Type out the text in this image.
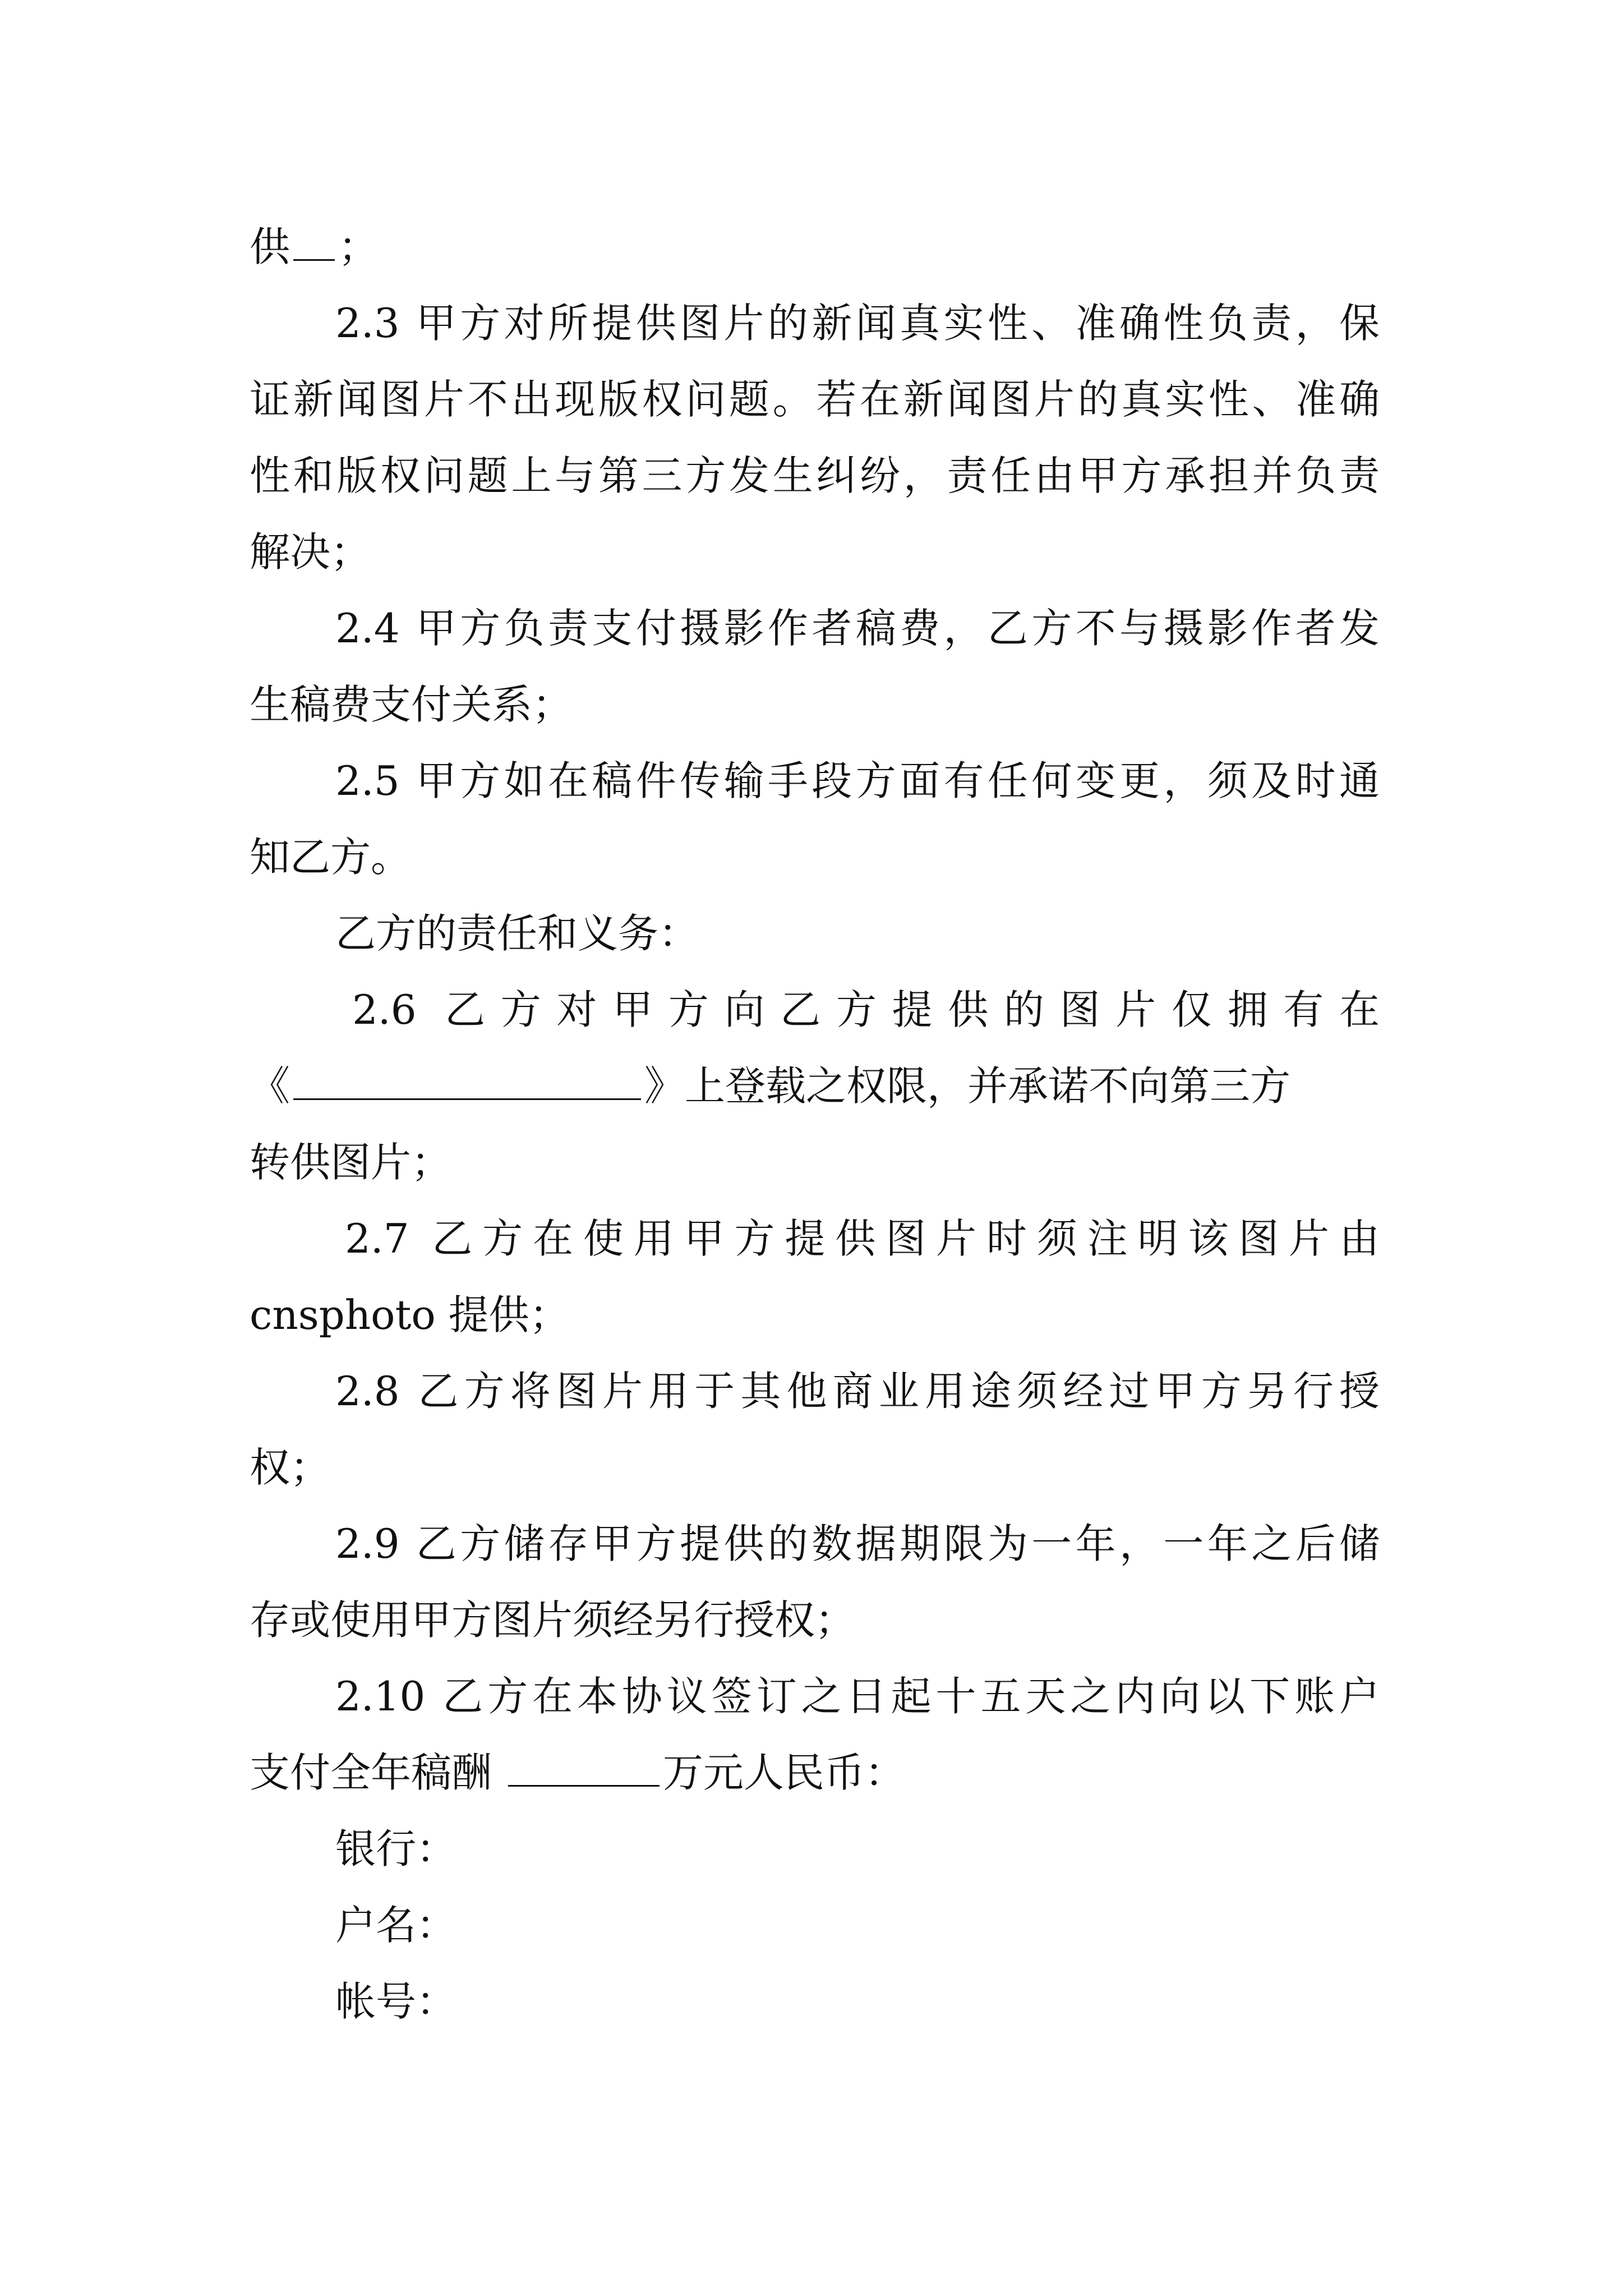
供 ；
2.3 甲方对所提供图片的新闻真实性、准确性负责，保
证新闻图片不出现版权问题。若在新闻图片的真实性、准确
性和版权问题上与第三方发生纠纷，责任由甲方承担并负责
解决；
2.4 甲方负责支付摄影作者稿费，乙方不与摄影作者发
生稿费支付关系；
2.5 甲方如在稿件传输手段方面有任何变更，须及时通
知乙方。
乙方的责任和义务：
2.6 乙方对甲方向乙方提供的图片仅拥有在
《	》上登载之权限，并承诺不向第三方
转供图片；
2.7 乙方在使用甲方提供图片时须注明该图片由
cnsphoto 提供；
2.8 乙方将图片用于其他商业用途须经过甲方另行授
权；
2.9 乙方储存甲方提供的数据期限为一年，一年之后储
存或使用甲方图片须经另行授权；
2.10 乙方在本协议签订之日起十五天之内向以下账户
支付全年稿酬	万元人民币：
银行：
户名：
帐号：
